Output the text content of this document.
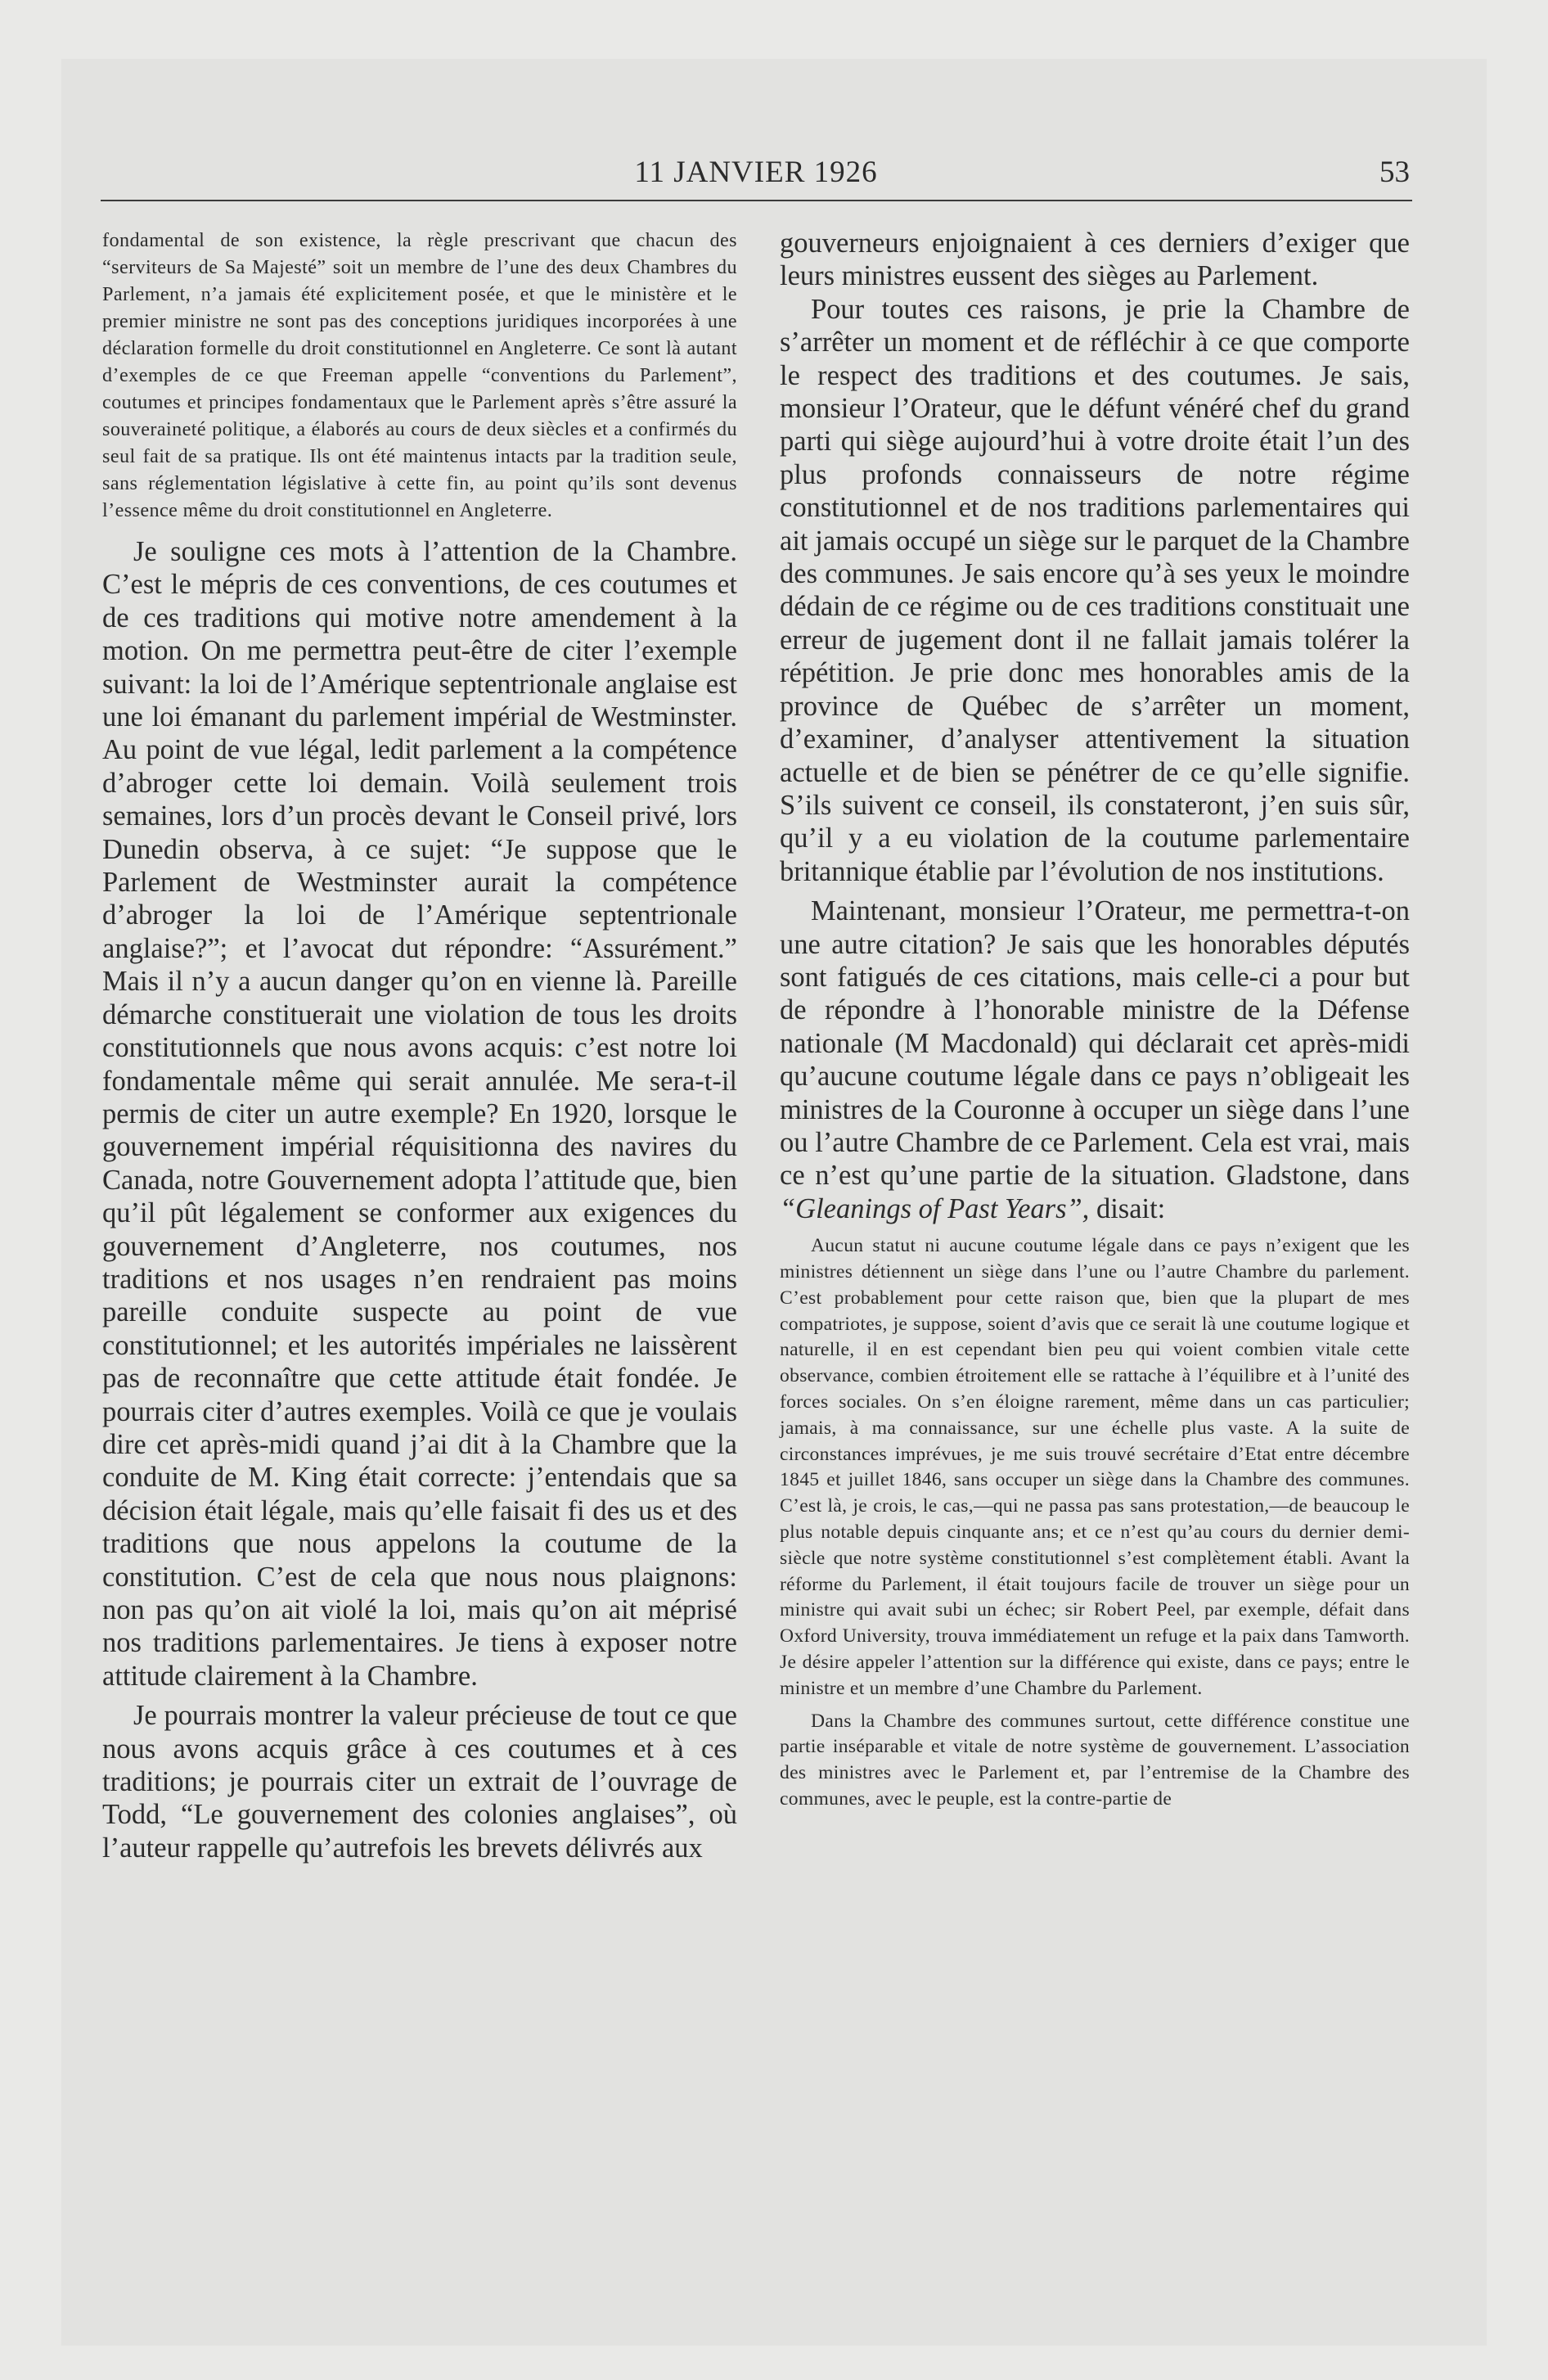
11 JANVIER 1926	53

fondamental de son existence, la règle prescrivant que chacun des “serviteurs de Sa Majesté” soit un membre de l’une des deux Chambres du Parlement, n’a jamais été explicitement posée, et que le ministère et le premier ministre ne sont pas des conceptions juridiques incorporées à une déclaration formelle du droit constitutionnel en Angleterre. Ce sont là autant d’exemples de ce que Freeman appelle “conventions du Parlement”, coutumes et principes fondamentaux que le Parlement après s’être assuré la souveraineté politique, a élaborés au cours de deux siècles et a confirmés du seul fait de sa pratique. Ils ont été maintenus intacts par la tradition seule, sans réglementation législative à cette fin, au point qu’ils sont devenus l’essence même du droit constitutionnel en Angleterre.

Je souligne ces mots à l’attention de la Chambre. C’est le mépris de ces conventions, de ces coutumes et de ces traditions qui motive notre amendement à la motion. On me permettra peut-être de citer l’exemple suivant: la loi de l’Amérique septentrionale anglaise est une loi émanant du parlement impérial de Westminster. Au point de vue légal, ledit parlement a la compétence d’abroger cette loi demain. Voilà seulement trois semaines, lors d’un procès devant le Conseil privé, lors Dunedin observa, à ce sujet: “Je suppose que le Parlement de Westminster aurait la compétence d’abroger la loi de l’Amérique septentrionale anglaise?”; et l’avocat dut répondre: “Assurément.” Mais il n’y a aucun danger qu’on en vienne là. Pareille démarche constituerait une violation de tous les droits constitutionnels que nous avons acquis: c’est notre loi fondamentale même qui serait annulée. Me sera-t-il permis de citer un autre exemple? En 1920, lorsque le gouvernement impérial réquisitionna des navires du Canada, notre Gouvernement adopta l’attitude que, bien qu’il pût légalement se conformer aux exigences du gouvernement d’Angleterre, nos coutumes, nos traditions et nos usages n’en rendraient pas moins pareille conduite suspecte au point de vue constitutionnel; et les autorités impériales ne laissèrent pas de reconnaître que cette attitude était fondée. Je pourrais citer d’autres exemples. Voilà ce que je voulais dire cet après-midi quand j’ai dit à la Chambre que la conduite de M. King était correcte: j’entendais que sa décision était légale, mais qu’elle faisait fi des us et des traditions que nous appelons la coutume de la constitution. C’est de cela que nous nous plaignons: non pas qu’on ait violé la loi, mais qu’on ait méprisé nos traditions parlementaires. Je tiens à exposer notre attitude clairement à la Chambre.

Je pourrais montrer la valeur précieuse de tout ce que nous avons acquis grâce à ces coutumes et à ces traditions; je pourrais citer un extrait de l’ouvrage de Todd, “Le gouvernement des colonies anglaises”, où l’auteur rappelle qu’autrefois les brevets délivrés aux

gouverneurs enjoignaient à ces derniers d’exiger que leurs ministres eussent des sièges au Parlement.

Pour toutes ces raisons, je prie la Chambre de s’arrêter un moment et de réfléchir à ce que comporte le respect des traditions et des coutumes. Je sais, monsieur l’Orateur, que le défunt vénéré chef du grand parti qui siège aujourd’hui à votre droite était l’un des plus profonds connaisseurs de notre régime constitutionnel et de nos traditions parlementaires qui ait jamais occupé un siège sur le parquet de la Chambre des communes. Je sais encore qu’à ses yeux le moindre dédain de ce régime ou de ces traditions constituait une erreur de jugement dont il ne fallait jamais tolérer la répétition. Je prie donc mes honorables amis de la province de Québec de s’arrêter un moment, d’examiner, d’analyser attentivement la situation actuelle et de bien se pénétrer de ce qu’elle signifie. S’ils suivent ce conseil, ils constateront, j’en suis sûr, qu’il y a eu violation de la coutume parlementaire britannique établie par l’évolution de nos institutions.

Maintenant, monsieur l’Orateur, me permettra-t-on une autre citation? Je sais que les honorables députés sont fatigués de ces citations, mais celle-ci a pour but de répondre à l’honorable ministre de la Défense nationale (M Macdonald) qui déclarait cet après-midi qu’aucune coutume légale dans ce pays n’obligeait les ministres de la Couronne à occuper un siège dans l’une ou l’autre Chambre de ce Parlement. Cela est vrai, mais ce n’est qu’une partie de la situation. Gladstone, dans “Gleanings of Past Years”, disait:

Aucun statut ni aucune coutume légale dans ce pays n’exigent que les ministres détiennent un siège dans l’une ou l’autre Chambre du parlement. C’est probablement pour cette raison que, bien que la plupart de mes compatriotes, je suppose, soient d’avis que ce serait là une coutume logique et naturelle, il en est cependant bien peu qui voient combien vitale cette observance, combien étroitement elle se rattache à l’équilibre et à l’unité des forces sociales. On s’en éloigne rarement, même dans un cas particulier; jamais, à ma connaissance, sur une échelle plus vaste. A la suite de circonstances imprévues, je me suis trouvé secrétaire d’Etat entre décembre 1845 et juillet 1846, sans occuper un siège dans la Chambre des communes. C’est là, je crois, le cas,—qui ne passa pas sans protestation,—de beaucoup le plus notable depuis cinquante ans; et ce n’est qu’au cours du dernier demi-siècle que notre système constitutionnel s’est complètement établi. Avant la réforme du Parlement, il était toujours facile de trouver un siège pour un ministre qui avait subi un échec; sir Robert Peel, par exemple, défait dans Oxford University, trouva immédiatement un refuge et la paix dans Tamworth. Je désire appeler l’attention sur la différence qui existe, dans ce pays; entre le ministre et un membre d’une Chambre du Parlement.

Dans la Chambre des communes surtout, cette différence constitue une partie inséparable et vitale de notre système de gouvernement. L’association des ministres avec le Parlement et, par l’entremise de la Chambre des communes, avec le peuple, est la contre-partie de
